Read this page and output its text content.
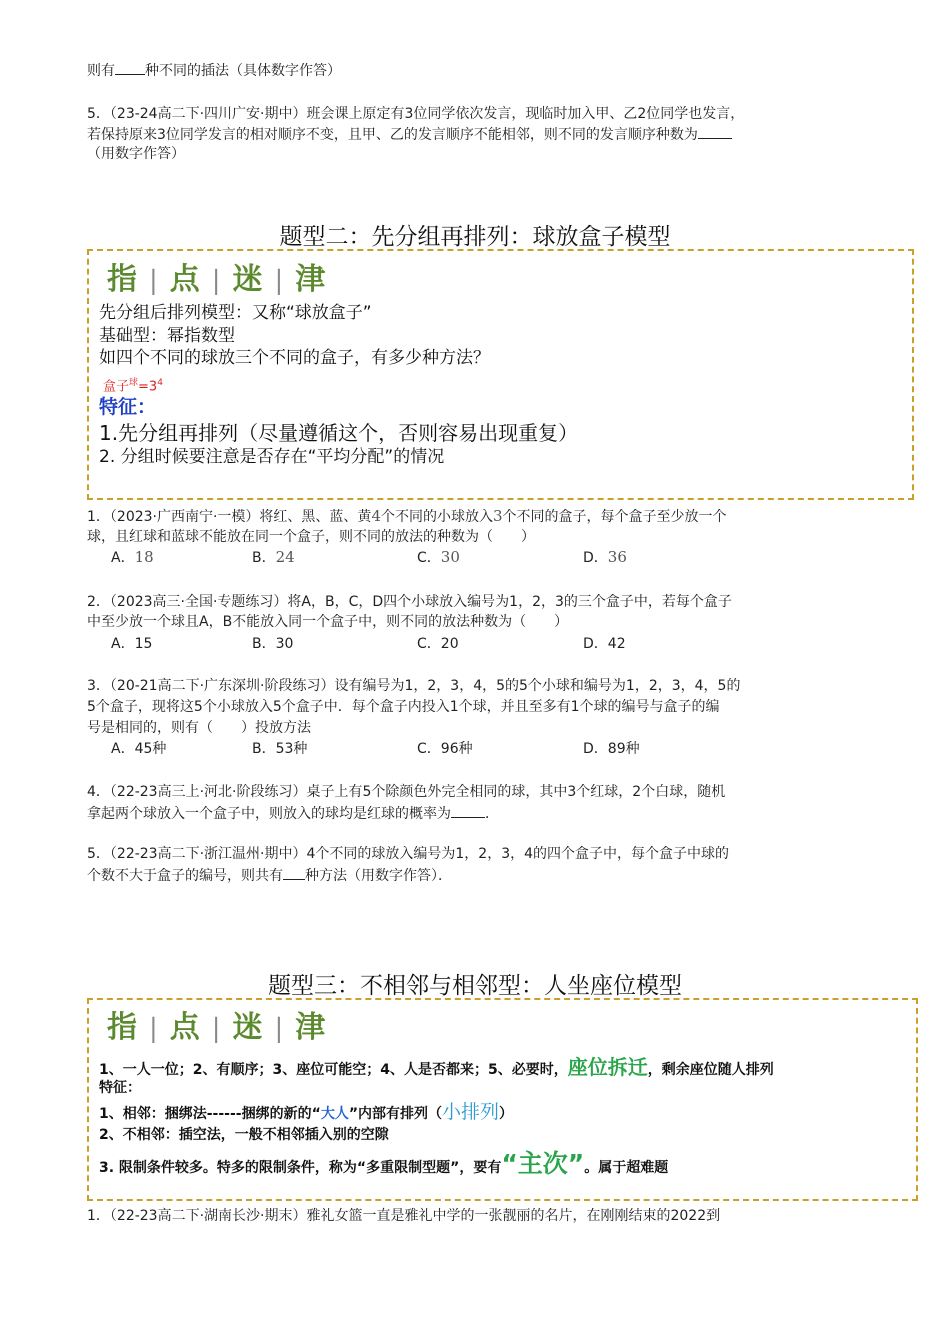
则有 种不同的插法（具体数字作答）
5．（23-24高二下·四川广安·期中）班会课上原定有3位同学依次发言，现临时加入甲、乙2位同学也发言，
若保持原来3位同学发言的相对顺序不变，且甲、乙的发言顺序不能相邻，则不同的发言顺序种数为
（用数字作答）
题型二：先分组再排列：球放盒子模型
指 | 点 | 迷 | 津
先分组后排列模型：又称“球放盒子”
基础型：幂指数型
如四个不同的球放三个不同的盒子，有多少种方法？
盒子$^球=3^4$
特征：
1.先分组再排列（尽量遵循这个，否则容易出现重复）
2. 分组时候要注意是否存在“平均分配”的情况
1．（2023·广西南宁·一模）将红、黑、蓝、黄4个不同的小球放入3个不同的盒子，每个盒子至少放一个
球，且红球和蓝球不能放在同一个盒子，则不同的放法的种数为（　　）
A．18	B．24	C．30	D．36
2．（2023高三·全国·专题练习）将A，B，C，D四个小球放入编号为1，2，3的三个盒子中，若每个盒子
中至少放一个球且A，B不能放入同一个盒子中，则不同的放法种数为（　　）
A．15	B．30	C．20	D．42
3．（20-21高二下·广东深圳·阶段练习）设有编号为1，2，3，4，5的5个小球和编号为1，2，3，4，5的
5个盒子，现将这5个小球放入5个盒子中．每个盒子内投入1个球，并且至多有1个球的编号与盒子的编
号是相同的，则有（　　）投放方法
A．45种	B．53种	C．96种	D．89种
4．（22-23高三上·河北·阶段练习）桌子上有5个除颜色外完全相同的球，其中3个红球，2个白球，随机
拿起两个球放入一个盒子中，则放入的球均是红球的概率为 ．
5．（22-23高二下·浙江温州·期中）4个不同的球放入编号为1，2，3，4的四个盒子中，每个盒子中球的
个数不大于盒子的编号，则共有 种方法（用数字作答）．
题型三：不相邻与相邻型：人坐座位模型
指 | 点 | 迷 | 津
1、一人一位；2、有顺序；3、座位可能空；4、人是否都来；5、必要时，座位拆迁，剩余座位随人排列
特征：
1、相邻：捆绑法------捆绑的新的“大人”内部有排列（小排列）
2、不相邻：插空法，一般不相邻插入别的空隙
3. 限制条件较多。特多的限制条件，称为“多重限制型题”，要有“主次”。属于超难题
1．（22-23高二下·湖南长沙·期末）雅礼女篮一直是雅礼中学的一张靓丽的名片，在刚刚结束的2022到
